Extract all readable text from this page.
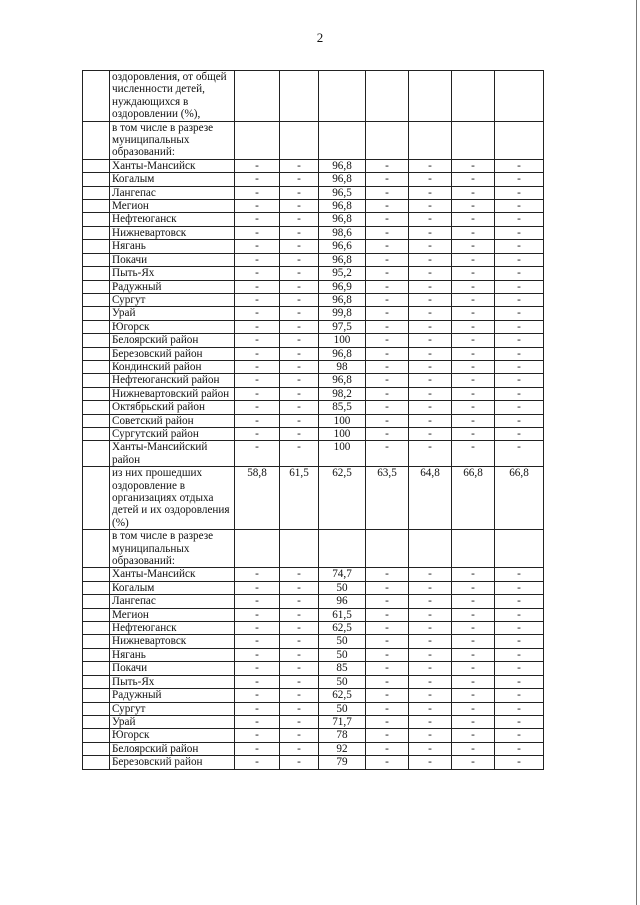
2
	оздоровления, от общей численности детей, нуждающихся в оздоровлении (%),							
	в том числе в разрезе муниципальных образований:							
	Ханты-Мансийск	-	-	96,8	-	-	-	-
	Когалым	-	-	96,8	-	-	-	-
	Лангепас	-	-	96,5	-	-	-	-
	Мегион	-	-	96,8	-	-	-	-
	Нефтеюганск	-	-	96,8	-	-	-	-
	Нижневартовск	-	-	98,6	-	-	-	-
	Нягань	-	-	96,6	-	-	-	-
	Покачи	-	-	96,8	-	-	-	-
	Пыть-Ях	-	-	95,2	-	-	-	-
	Радужный	-	-	96,9	-	-	-	-
	Сургут	-	-	96,8	-	-	-	-
	Урай	-	-	99,8	-	-	-	-
	Югорск	-	-	97,5	-	-	-	-
	Белоярский район	-	-	100	-	-	-	-
	Березовский район	-	-	96,8	-	-	-	-
	Кондинский район	-	-	98	-	-	-	-
	Нефтеюганский район	-	-	96,8	-	-	-	-
	Нижневартовский район	-	-	98,2	-	-	-	-
	Октябрьский район	-	-	85,5	-	-	-	-
	Советский район	-	-	100	-	-	-	-
	Сургутский район	-	-	100	-	-	-	-
	Ханты-Мансийский район	-	-	100	-	-	-	-
	из них прошедших оздоровление в организациях отдыха детей и их оздоровления (%)	58,8	61,5	62,5	63,5	64,8	66,8	66,8
	в том числе в разрезе муниципальных образований:							
	Ханты-Мансийск	-	-	74,7	-	-	-	-
	Когалым	-	-	50	-	-	-	-
	Лангепас	-	-	96	-	-	-	-
	Мегион	-	-	61,5	-	-	-	-
	Нефтеюганск	-	-	62,5	-	-	-	-
	Нижневартовск	-	-	50	-	-	-	-
	Нягань	-	-	50	-	-	-	-
	Покачи	-	-	85	-	-	-	-
	Пыть-Ях	-	-	50	-	-	-	-
	Радужный	-	-	62,5	-	-	-	-
	Сургут	-	-	50	-	-	-	-
	Урай	-	-	71,7	-	-	-	-
	Югорск	-	-	78	-	-	-	-
	Белоярский район	-	-	92	-	-	-	-
	Березовский район	-	-	79	-	-	-	-
